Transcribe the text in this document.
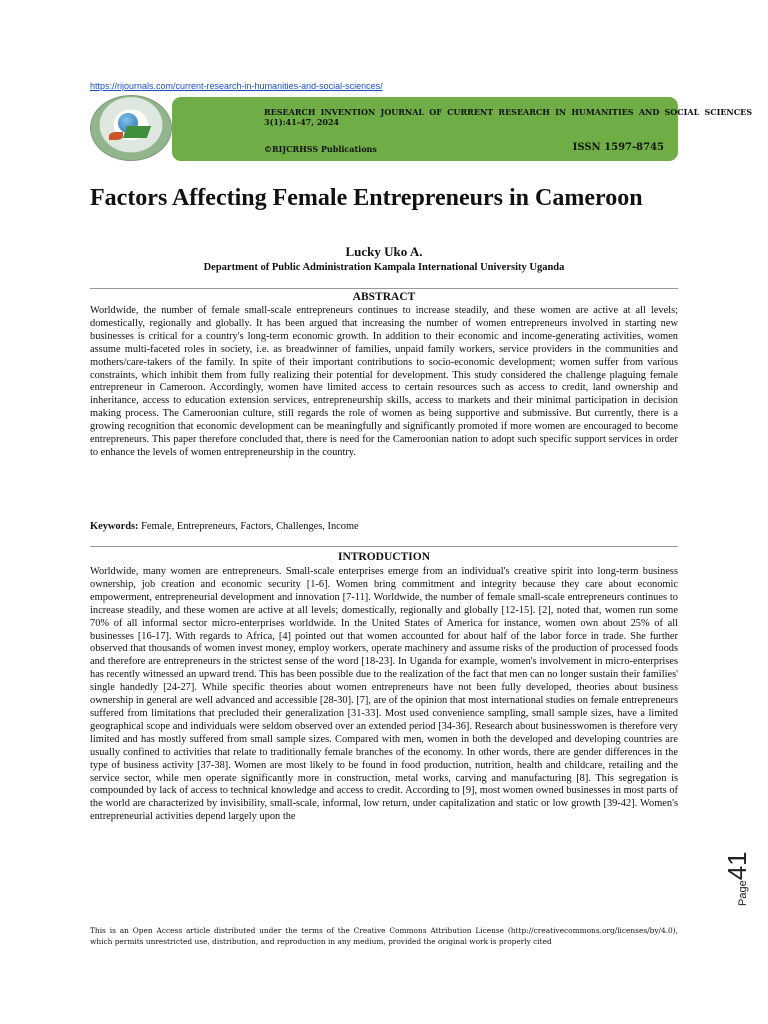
https://rijournals.com/current-research-in-humanities-and-social-sciences/
RESEARCH INVENTION JOURNAL OF CURRENT RESEARCH IN HUMANITIES AND SOCIAL SCIENCES 3(1):41-47, 2024
©RIJCRHSS Publications	ISSN 1597-8745
Factors Affecting Female Entrepreneurs in Cameroon
Lucky Uko A.
Department of Public Administration Kampala International University Uganda
ABSTRACT

Worldwide, the number of female small-scale entrepreneurs continues to increase steadily, and these women are active at all levels; domestically, regionally and globally. It has been argued that increasing the number of women entrepreneurs involved in starting new businesses is critical for a country's long-term economic growth. In addition to their economic and income-generating activities, women assume multi-faceted roles in society, i.e. as breadwinner of families, unpaid family workers, service providers in the communities and mothers/care-takers of the family. In spite of their important contributions to socio-economic development; women suffer from various constraints, which inhibit them from fully realizing their potential for development. This study considered the challenge plaguing female entrepreneur in Cameroon. Accordingly, women have limited access to certain resources such as access to credit, land ownership and inheritance, access to education extension services, entrepreneurship skills, access to markets and their minimal participation in decision making process. The Cameroonian culture, still regards the role of women as being supportive and submissive. But currently, there is a growing recognition that economic development can be meaningfully and significantly promoted if more women are encouraged to become entrepreneurs. This paper therefore concluded that, there is need for the Cameroonian nation to adopt such specific support services in order to enhance the levels of women entrepreneurship in the country.

Keywords: Female, Entrepreneurs, Factors, Challenges, Income
INTRODUCTION

Worldwide, many women are entrepreneurs. Small-scale enterprises emerge from an individual's creative spirit into long-term business ownership, job creation and economic security [1-6]. Women bring commitment and integrity because they care about economic empowerment, entrepreneurial development and innovation [7-11]. Worldwide, the number of female small-scale entrepreneurs continues to increase steadily, and these women are active at all levels; domestically, regionally and globally [12-15]. [2], noted that, women run some 70% of all informal sector micro-enterprises worldwide. In the United States of America for instance, women own about 25% of all businesses [16-17]. With regards to Africa, [4] pointed out that women accounted for about half of the labor force in trade. She further observed that thousands of women invest money, employ workers, operate machinery and assume risks of the production of processed foods and therefore are entrepreneurs in the strictest sense of the word [18-23]. In Uganda for example, women's involvement in micro-enterprises has recently witnessed an upward trend. This has been possible due to the realization of the fact that men can no longer sustain their families' single handedly [24-27]. While specific theories about women entrepreneurs have not been fully developed, theories about business ownership in general are well advanced and accessible [28-30]. [7], are of the opinion that most international studies on female entrepreneurs suffered from limitations that precluded their generalization [31-33]. Most used convenience sampling, small sample sizes, have a limited geographical scope and individuals were seldom observed over an extended period [34-36]. Research about businesswomen is therefore very limited and has mostly suffered from small sample sizes. Compared with men, women in both the developed and developing countries are usually confined to activities that relate to traditionally female branches of the economy. In other words, there are gender differences in the type of business activity [37-38]. Women are most likely to be found in food production, nutrition, health and childcare, retailing and the service sector, while men operate significantly more in construction, metal works, carving and manufacturing [8]. This segregation is compounded by lack of access to technical knowledge and access to credit. According to [9], most women owned businesses in most parts of the world are characterized by invisibility, small-scale, informal, low return, under capitalization and static or low growth [39-42]. Women's entrepreneurial activities depend largely upon the

Page41

This is an Open Access article distributed under the terms of the Creative Commons Attribution License (http://creativecommons.org/licenses/by/4.0), which permits unrestricted use, distribution, and reproduction in any medium, provided the original work is properly cited
